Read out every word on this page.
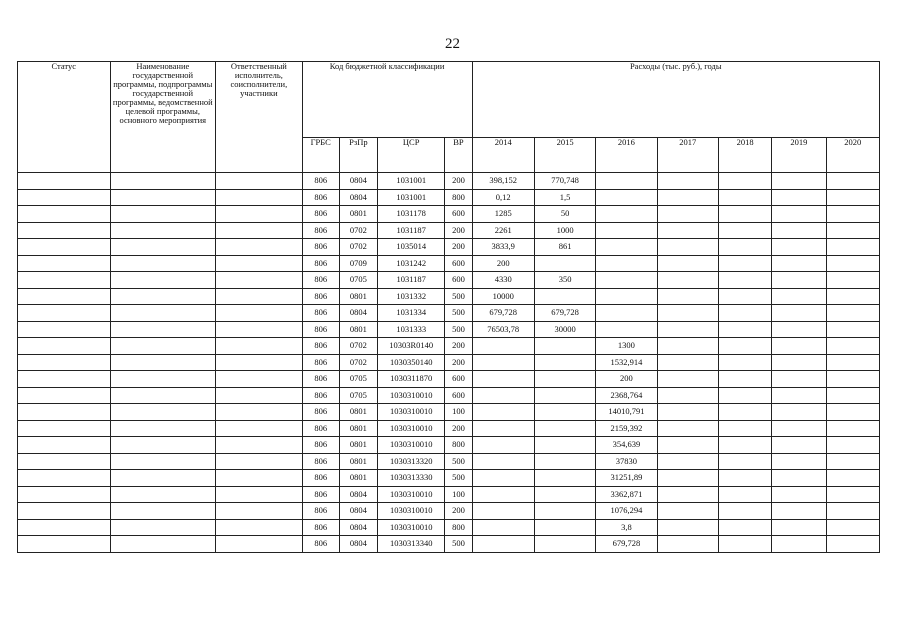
22
Статус	Наименование государственной программы, подпрограммы государственной программы, ведомственной целевой программы, основного мероприятия	Ответственный исполнитель, соисполнители, участники	Код бюджетной классификации				Расходы (тыс. руб.), годы						
			ГРБС	РзПр	ЦСР	ВР	2014	2015	2016	2017	2018	2019	2020
			806	0804	1031001	200	398,152	770,748					
			806	0804	1031001	800	0,12	1,5					
			806	0801	1031178	600	1285	50					
			806	0702	1031187	200	2261	1000					
			806	0702	1035014	200	3833,9	861					
			806	0709	1031242	600	200						
			806	0705	1031187	600	4330	350					
			806	0801	1031332	500	10000						
			806	0804	1031334	500	679,728	679,728					
			806	0801	1031333	500	76503,78	30000					
			806	0702	10303R0140	200			1300				
			806	0702	1030350140	200			1532,914				
			806	0705	1030311870	600			200				
			806	0705	1030310010	600			2368,764				
			806	0801	1030310010	100			14010,791				
			806	0801	1030310010	200			2159,392				
			806	0801	1030310010	800			354,639				
			806	0801	1030313320	500			37830				
			806	0801	1030313330	500			31251,89				
			806	0804	1030310010	100			3362,871				
			806	0804	1030310010	200			1076,294				
			806	0804	1030310010	800			3,8				
			806	0804	1030313340	500			679,728				
